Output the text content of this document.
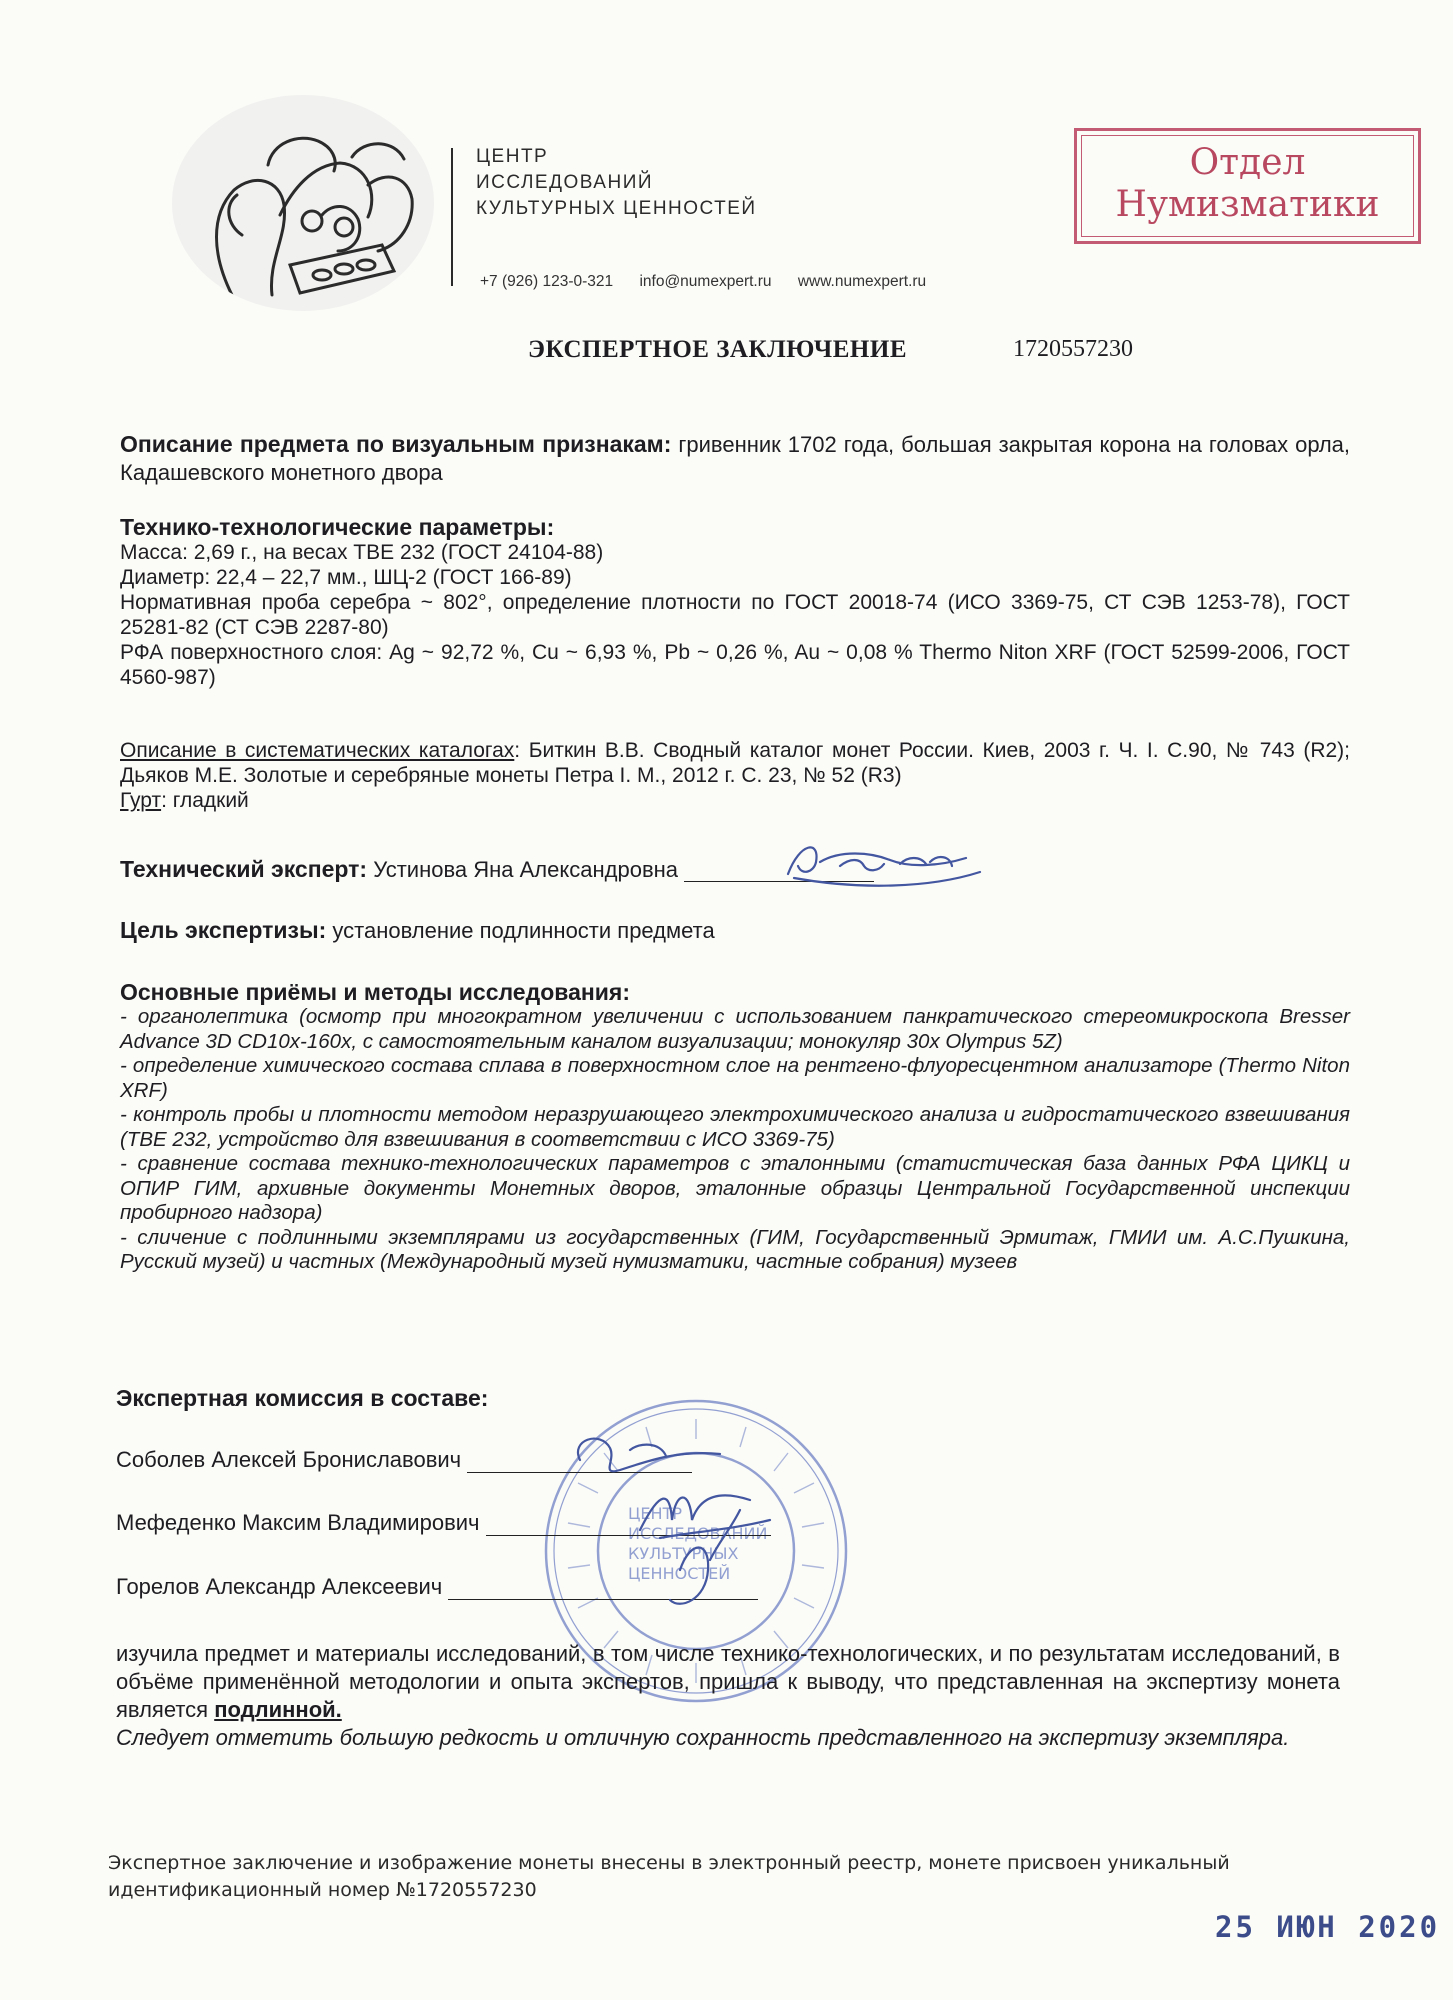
ЦЕНТР
ИССЛЕДОВАНИЙ
КУЛЬТУРНЫХ ЦЕННОСТЕЙ
+7 (926) 123-0-321 info@numexpert.ru www.numexpert.ru
Отдел
Нумизматики
ЭКСПЕРТНОЕ ЗАКЛЮЧЕНИЕ	1720557230
Описание предмета по визуальным признакам: гривенник 1702 года, большая закрытая корона на головах орла, Кадашевского монетного двора
Технико-технологические параметры:
Масса: 2,69 г., на весах ТВЕ 232 (ГОСТ 24104-88)
Диаметр: 22,4 – 22,7 мм., ШЦ-2 (ГОСТ 166-89)
Нормативная проба серебра ~ 802°, определение плотности по ГОСТ 20018-74 (ИСО 3369-75, СТ СЭВ 1253-78), ГОСТ 25281-82 (СТ СЭВ 2287-80)
РФА поверхностного слоя: Ag ~ 92,72 %, Cu ~ 6,93 %, Pb ~ 0,26 %, Au ~ 0,08 % Thermo Niton XRF (ГОСТ 52599-2006, ГОСТ 4560-987)
Описание в систематических каталогах: Биткин В.В. Сводный каталог монет России. Киев, 2003 г. Ч. I. С.90, № 743 (R2); Дьяков М.Е. Золотые и серебряные монеты Петра I. М., 2012 г. С. 23, № 52 (R3)
Гурт: гладкий
Технический эксперт: Устинова Яна Александровна
Цель экспертизы: установление подлинности предмета
Основные приёмы и методы исследования:
- органолептика (осмотр при многократном увеличении с использованием панкратического стереомикроскопа Bresser Advance 3D CD10x-160x, с самостоятельным каналом визуализации; монокуляр 30x Olympus 5Z)
- определение химического состава сплава в поверхностном слое на рентгено-флуоресцентном анализаторе (Thermo Niton XRF)
- контроль пробы и плотности методом неразрушающего электрохимического анализа и гидростатического взвешивания (ТВЕ 232, устройство для взвешивания в соответствии с ИСО 3369-75)
- сравнение состава технико-технологических параметров с эталонными (статистическая база данных РФА ЦИКЦ и ОПИР ГИМ, архивные документы Монетных дворов, эталонные образцы Центральной Государственной инспекции пробирного надзора)
- сличение с подлинными экземплярами из государственных (ГИМ, Государственный Эрмитаж, ГМИИ им. А.С.Пушкина, Русский музей) и частных (Международный музей нумизматики, частные собрания) музеев
ЦЕНТР
ИССЛЕДОВАНИЙ
КУЛЬТУРНЫХ
ЦЕННОСТЕЙ
Экспертная комиссия в составе:
Соболев Алексей Брониславович
Мефеденко Максим Владимирович
Горелов Александр Алексеевич
изучила предмет и материалы исследований, в том числе технико-технологических, и по результатам исследований, в объёме применённой методологии и опыта экспертов, пришла к выводу, что представленная на экспертизу монета является подлинной.
Следует отметить большую редкость и отличную сохранность представленного на экспертизу экземпляра.
Экспертное заключение и изображение монеты внесены в электронный реестр, монете присвоен уникальный идентификационный номер №1720557230
25 ИЮН 2020
